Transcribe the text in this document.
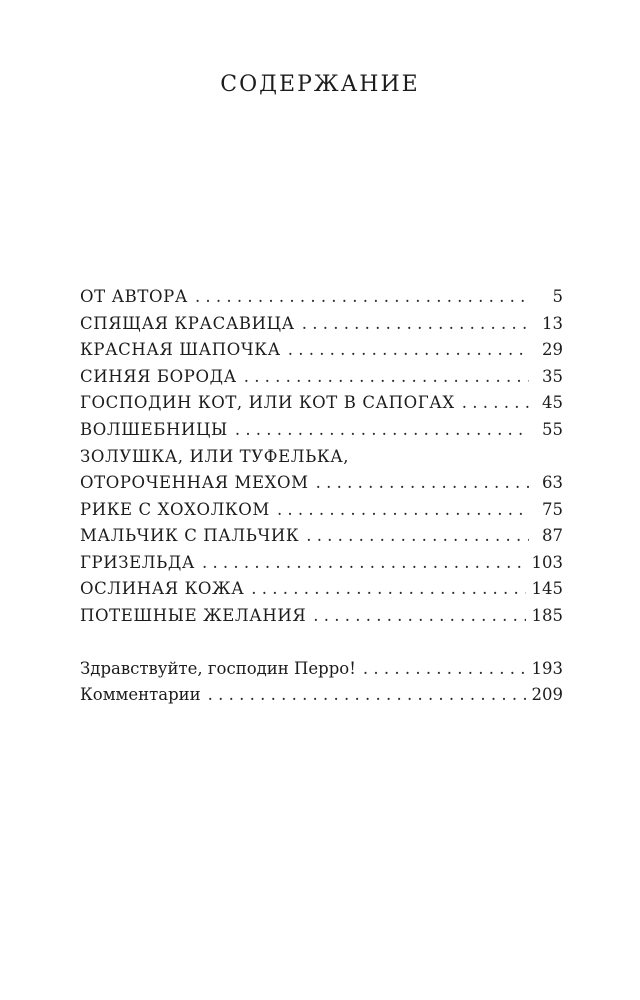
СОДЕРЖАНИЕ
ОТ АВТОРА . . .	5
СПЯЩАЯ КРАСАВИЦА . . .	13
КРАСНАЯ ШАПОЧКА . . .	29
СИНЯЯ БОРОДА . . .	35
ГОСПОДИН КОТ, ИЛИ КОТ В САПОГАХ . . .	45
ВОЛШЕБНИЦЫ . . .	55
ЗОЛУШКА, ИЛИ ТУФЕЛЬКА,
ОТОРОЧЕННАЯ МЕХОМ . . .	63
РИКЕ С ХОХОЛКОМ . . .	75
МАЛЬЧИК С ПАЛЬЧИК . . .	87
ГРИЗЕЛЬДА . . .	103
ОСЛИНАЯ КОЖА . . .	145
ПОТЕШНЫЕ ЖЕЛАНИЯ . . .	185
Здравствуйте, господин Перро! . . .	193
Комментарии . . .	209
